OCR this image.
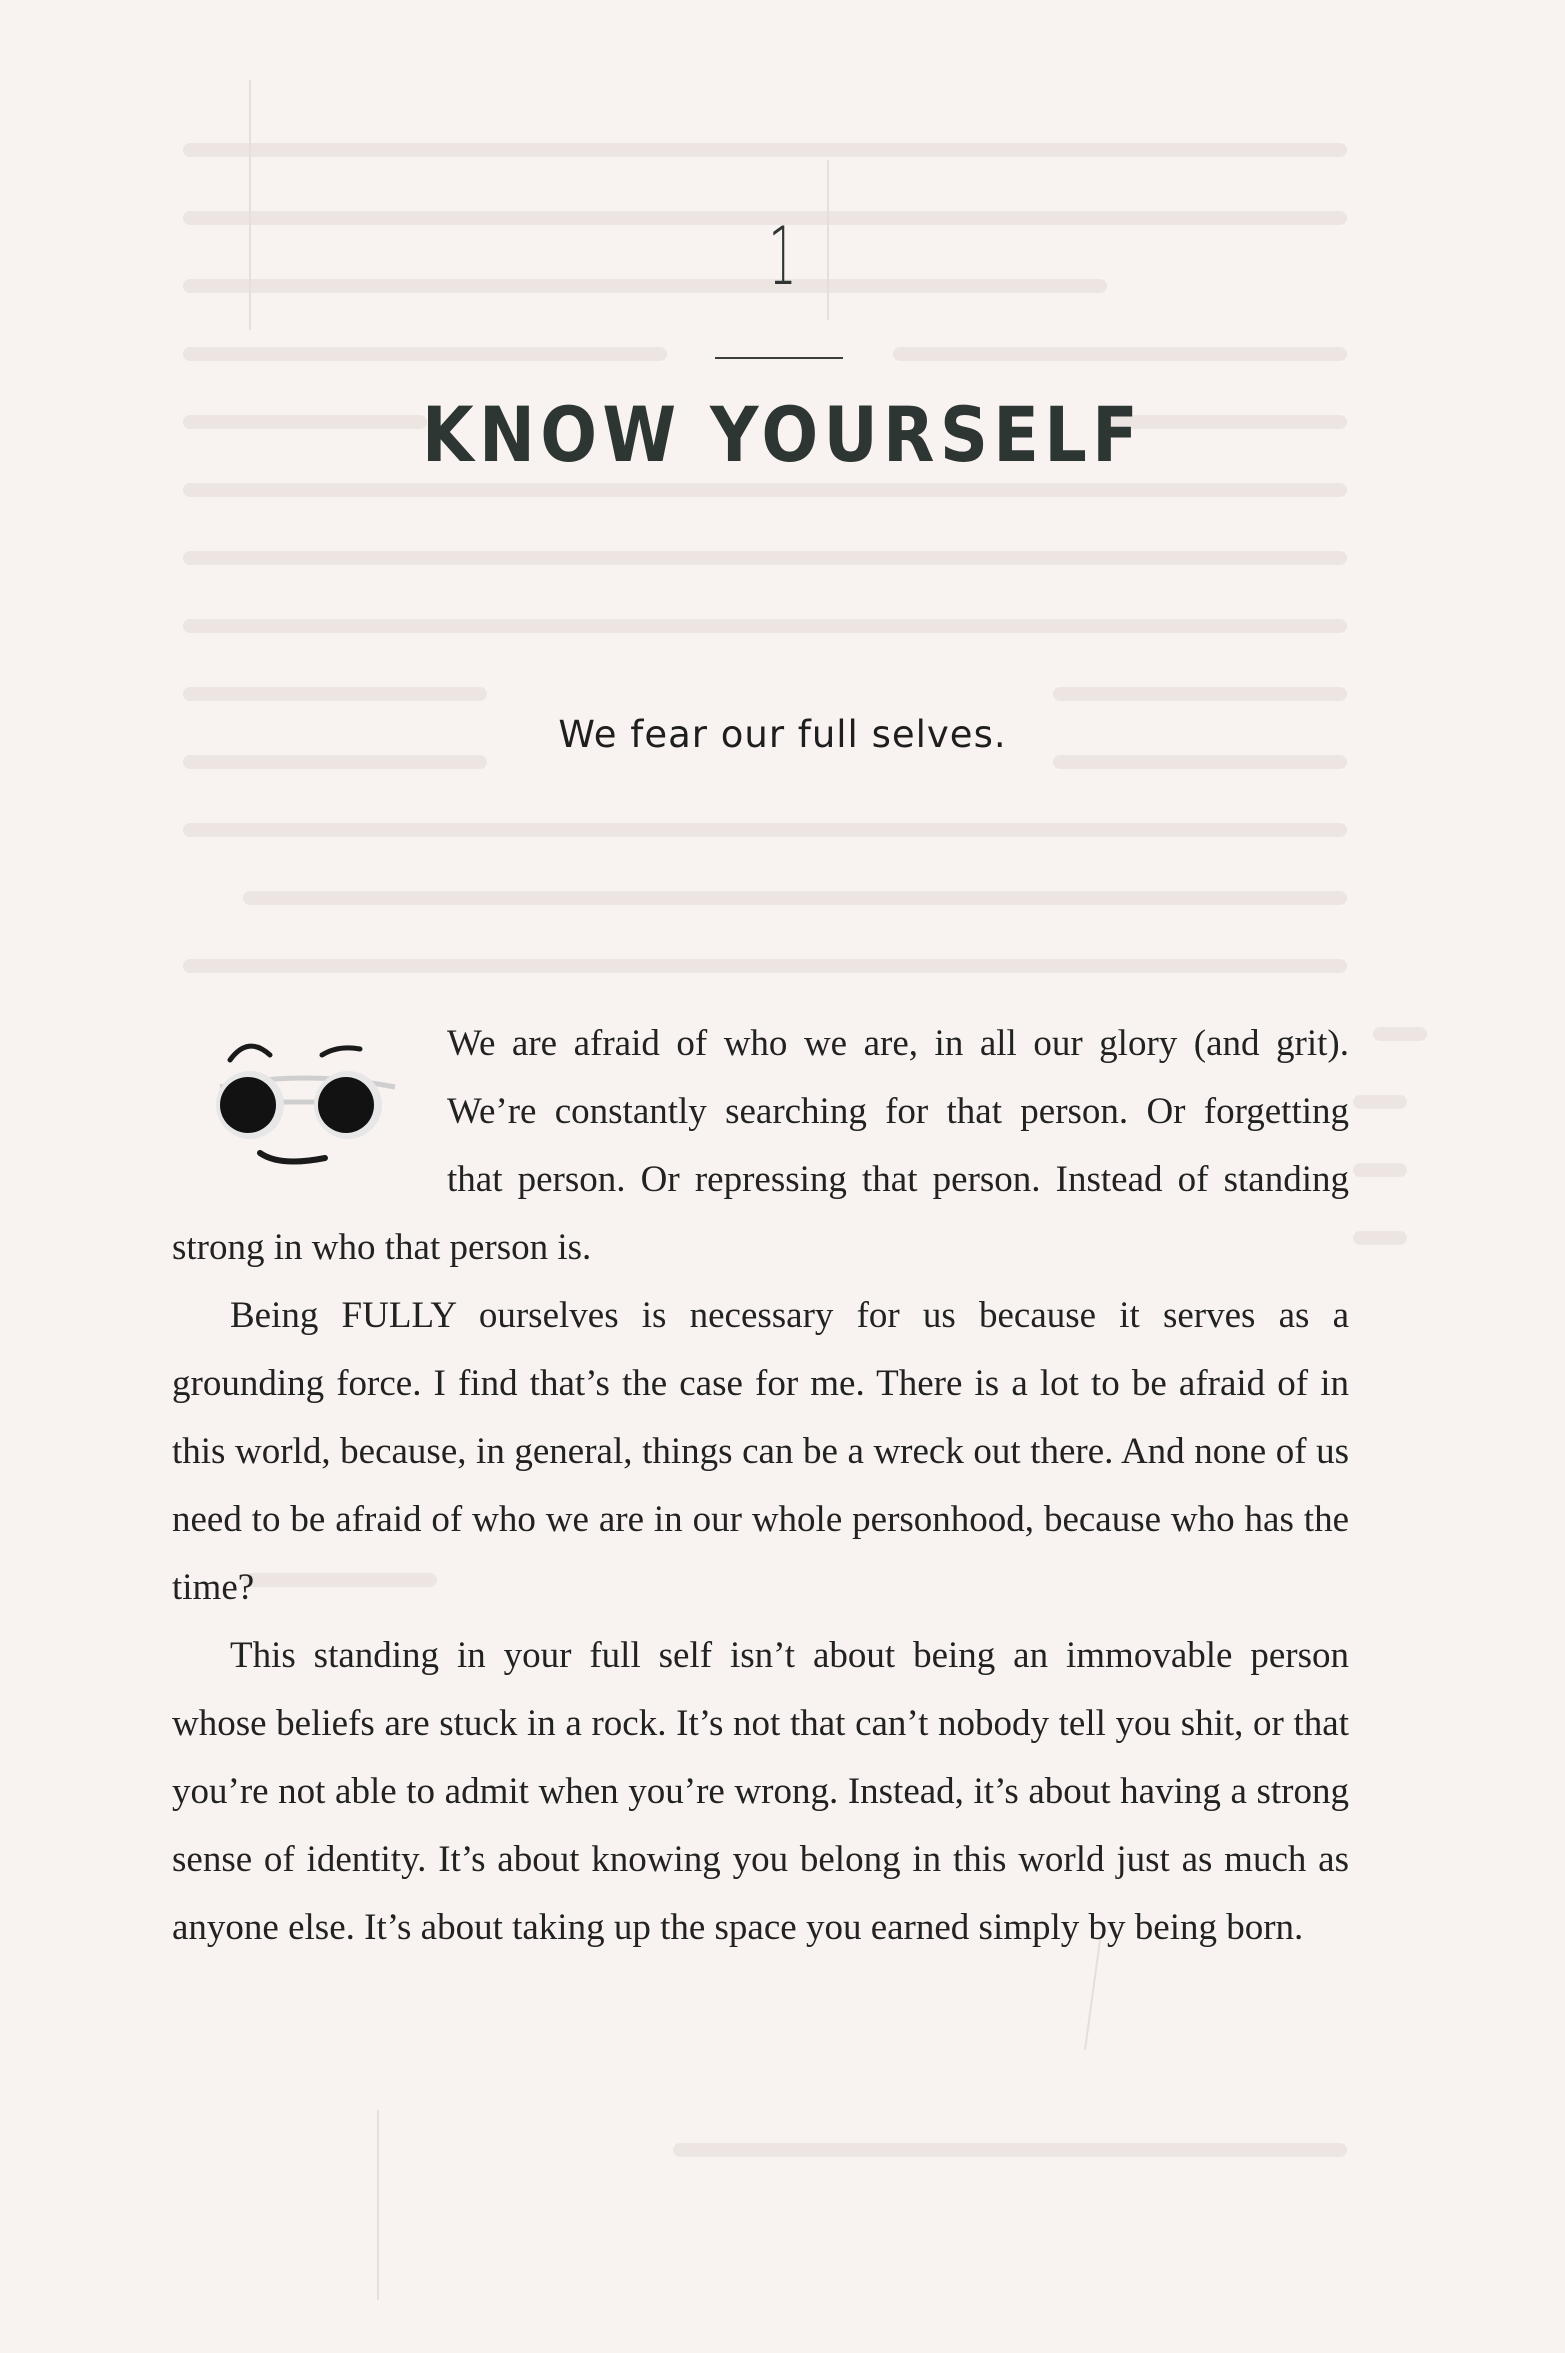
1
KNOW YOURSELF
We fear our full selves.

We are afraid of who we are, in all our glory (and grit). We’re constantly searching for that person. Or forgetting that person. Or repressing that person. Instead of standing strong in who that person is.

Being FULLY ourselves is necessary for us because it serves as a grounding force. I find that’s the case for me. There is a lot to be afraid of in this world, because, in general, things can be a wreck out there. And none of us need to be afraid of who we are in our whole personhood, because who has the time?

This standing in your full self isn’t about being an immovable person whose beliefs are stuck in a rock. It’s not that can’t nobody tell you shit, or that you’re not able to admit when you’re wrong. Instead, it’s about having a strong sense of identity. It’s about knowing you belong in this world just as much as anyone else. It’s about taking up the space you earned simply by being born.
